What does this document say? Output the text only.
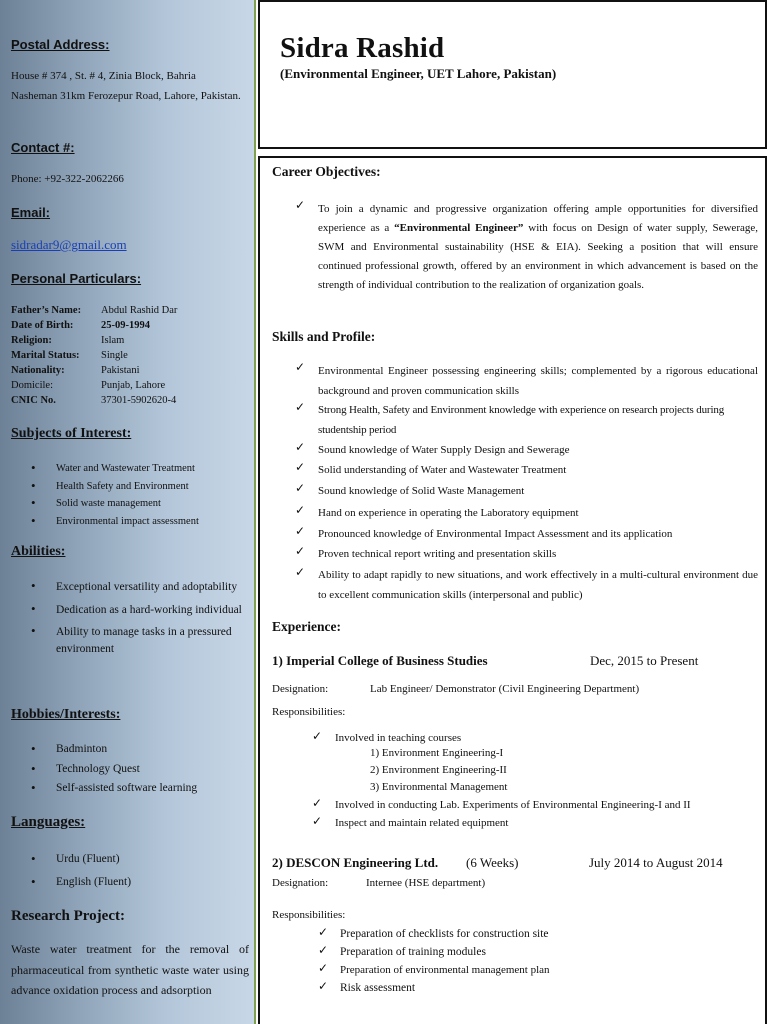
Postal Address:
House # 374 , St. # 4, Zinia Block, Bahria Nasheman 31km Ferozepur Road, Lahore, Pakistan.
Contact #:
Phone: +92-322-2062266
Email:
sidradar9@gmail.com
Personal Particulars:
Father’s Name:	Abdul Rashid Dar
Date of Birth:	25-09-1994
Religion:	Islam
Marital Status:	Single
Nationality:	Pakistani
Domicile:	Punjab, Lahore
CNIC No.	37301-5902620-4
Subjects of Interest:
• Water and Wastewater Treatment
• Health Safety and Environment
• Solid waste management
• Environmental impact assessment
Abilities:
• Exceptional versatility and adoptability
• Dedication as a hard-working individual
• Ability to manage tasks in a pressured environment
Hobbies/Interests:
• Badminton
• Technology Quest
• Self-assisted software learning
Languages:
• Urdu (Fluent)
• English (Fluent)
Research Project:
Waste water treatment for the removal of pharmaceutical from synthetic waste water using advance oxidation process and adsorption
Sidra Rashid
(Environmental Engineer, UET Lahore, Pakistan)
Career Objectives:
✓ To join a dynamic and progressive organization offering ample opportunities for diversified experience as a “Environmental Engineer” with focus on Design of water supply, Sewerage, SWM and Environmental sustainability (HSE & EIA). Seeking a position that will ensure continued professional growth, offered by an environment in which advancement is based on the strength of individual contribution to the realization of organization goals.
Skills and Profile:
✓ Environmental Engineer possessing engineering skills; complemented by a rigorous educational background and proven communication skills
✓ Strong Health, Safety and Environment knowledge with experience on research projects during studentship period
✓ Sound knowledge of Water Supply Design and Sewerage
✓ Solid understanding of Water and Wastewater Treatment
✓ Sound knowledge of Solid Waste Management
✓ Hand on experience in operating the Laboratory equipment
✓ Pronounced knowledge of Environmental Impact Assessment and its application
✓ Proven technical report writing and presentation skills
✓ Ability to adapt rapidly to new situations, and work effectively in a multi-cultural environment due to excellent communication skills (interpersonal and public)
Experience:
1) Imperial College of Business Studies	Dec, 2015 to Present
Designation:	Lab Engineer/ Demonstrator (Civil Engineering Department)
Responsibilities:
✓ Involved in teaching courses
1) Environment Engineering-I
2) Environment Engineering-II
3) Environmental Management
✓ Involved in conducting Lab. Experiments of Environmental Engineering-I and II
✓ Inspect and maintain related equipment
2) DESCON Engineering Ltd. (6 Weeks)	July 2014 to August 2014
Designation:	Internee (HSE department)
Responsibilities:
✓ Preparation of checklists for construction site
✓ Preparation of training modules
✓ Preparation of environmental management plan
✓ Risk assessment
